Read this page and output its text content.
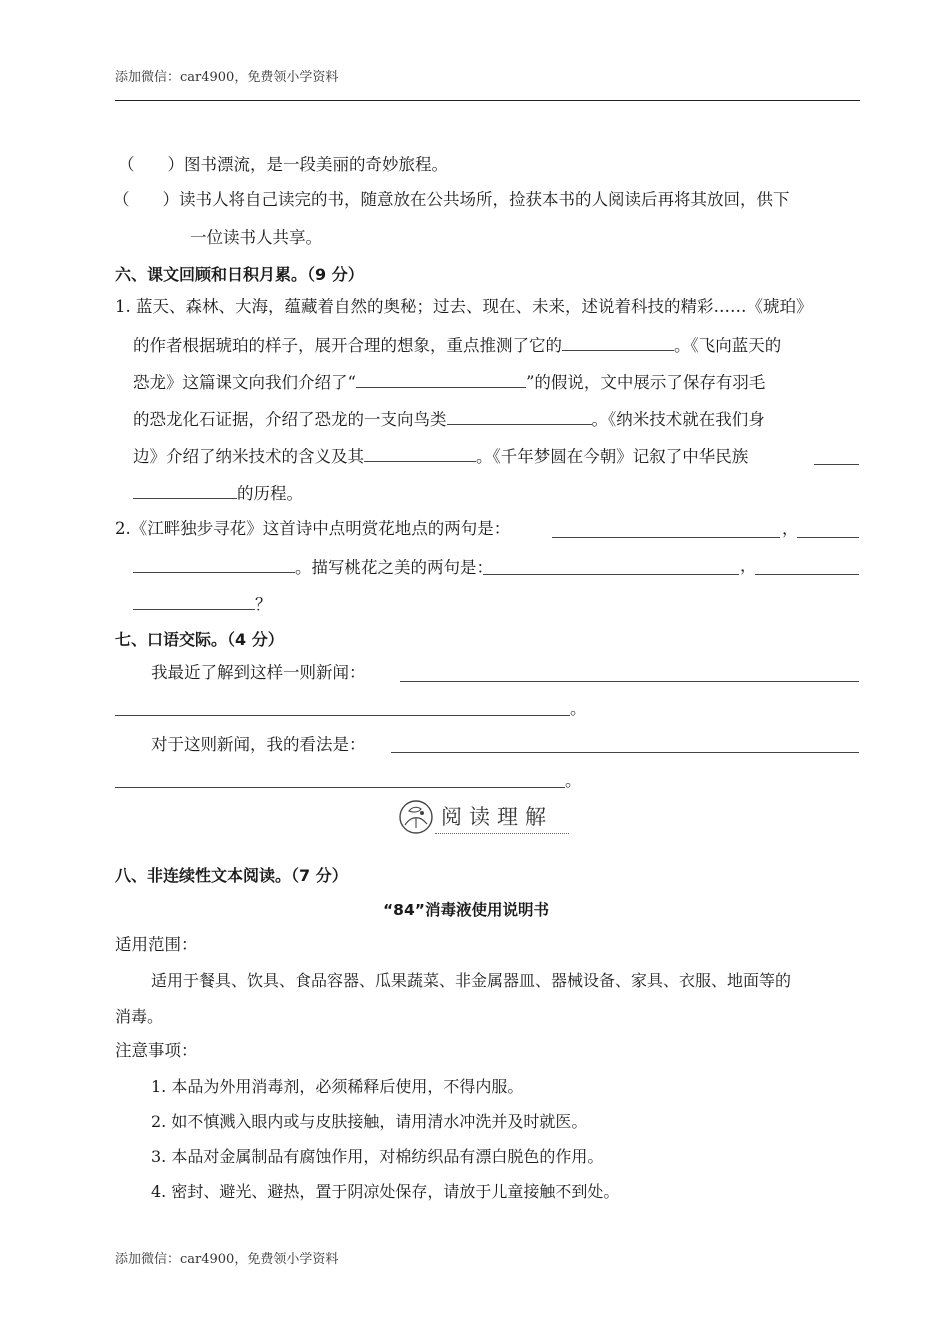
添加微信：car4900，免费领小学资料
（　　）图书漂流，是一段美丽的奇妙旅程。
（　　）读书人将自己读完的书，随意放在公共场所，捡获本书的人阅读后再将其放回，供下
一位读书人共享。
六、课文回顾和日积月累。（9 分）
1. 蓝天、森林、大海，蕴藏着自然的奥秘；过去、现在、未来，述说着科技的精彩……《琥珀》
的作者根据琥珀的样子，展开合理的想象，重点推测了它的	。《飞向蓝天的
恐龙》这篇课文向我们介绍了“	”的假说，文中展示了保存有羽毛
的恐龙化石证据，介绍了恐龙的一支向鸟类	。《纳米技术就在我们身
边》介绍了纳米技术的含义及其	。《千年梦圆在今朝》记叙了中华民族
的历程。
2.《江畔独步寻花》这首诗中点明赏花地点的两句是：	，
。描写桃花之美的两句是：	，
？
七、口语交际。（4 分）
我最近了解到这样一则新闻：
。
对于这则新闻，我的看法是：
。
阅读理解
八、非连续性文本阅读。（7 分）
“84”消毒液使用说明书
适用范围：
适用于餐具、饮具、食品容器、瓜果蔬菜、非金属器皿、器械设备、家具、衣服、地面等的
消毒。
注意事项：
1. 本品为外用消毒剂，必须稀释后使用，不得内服。
2. 如不慎溅入眼内或与皮肤接触，请用清水冲洗并及时就医。
3. 本品对金属制品有腐蚀作用，对棉纺织品有漂白脱色的作用。
4. 密封、避光、避热，置于阴凉处保存，请放于儿童接触不到处。
添加微信：car4900，免费领小学资料
